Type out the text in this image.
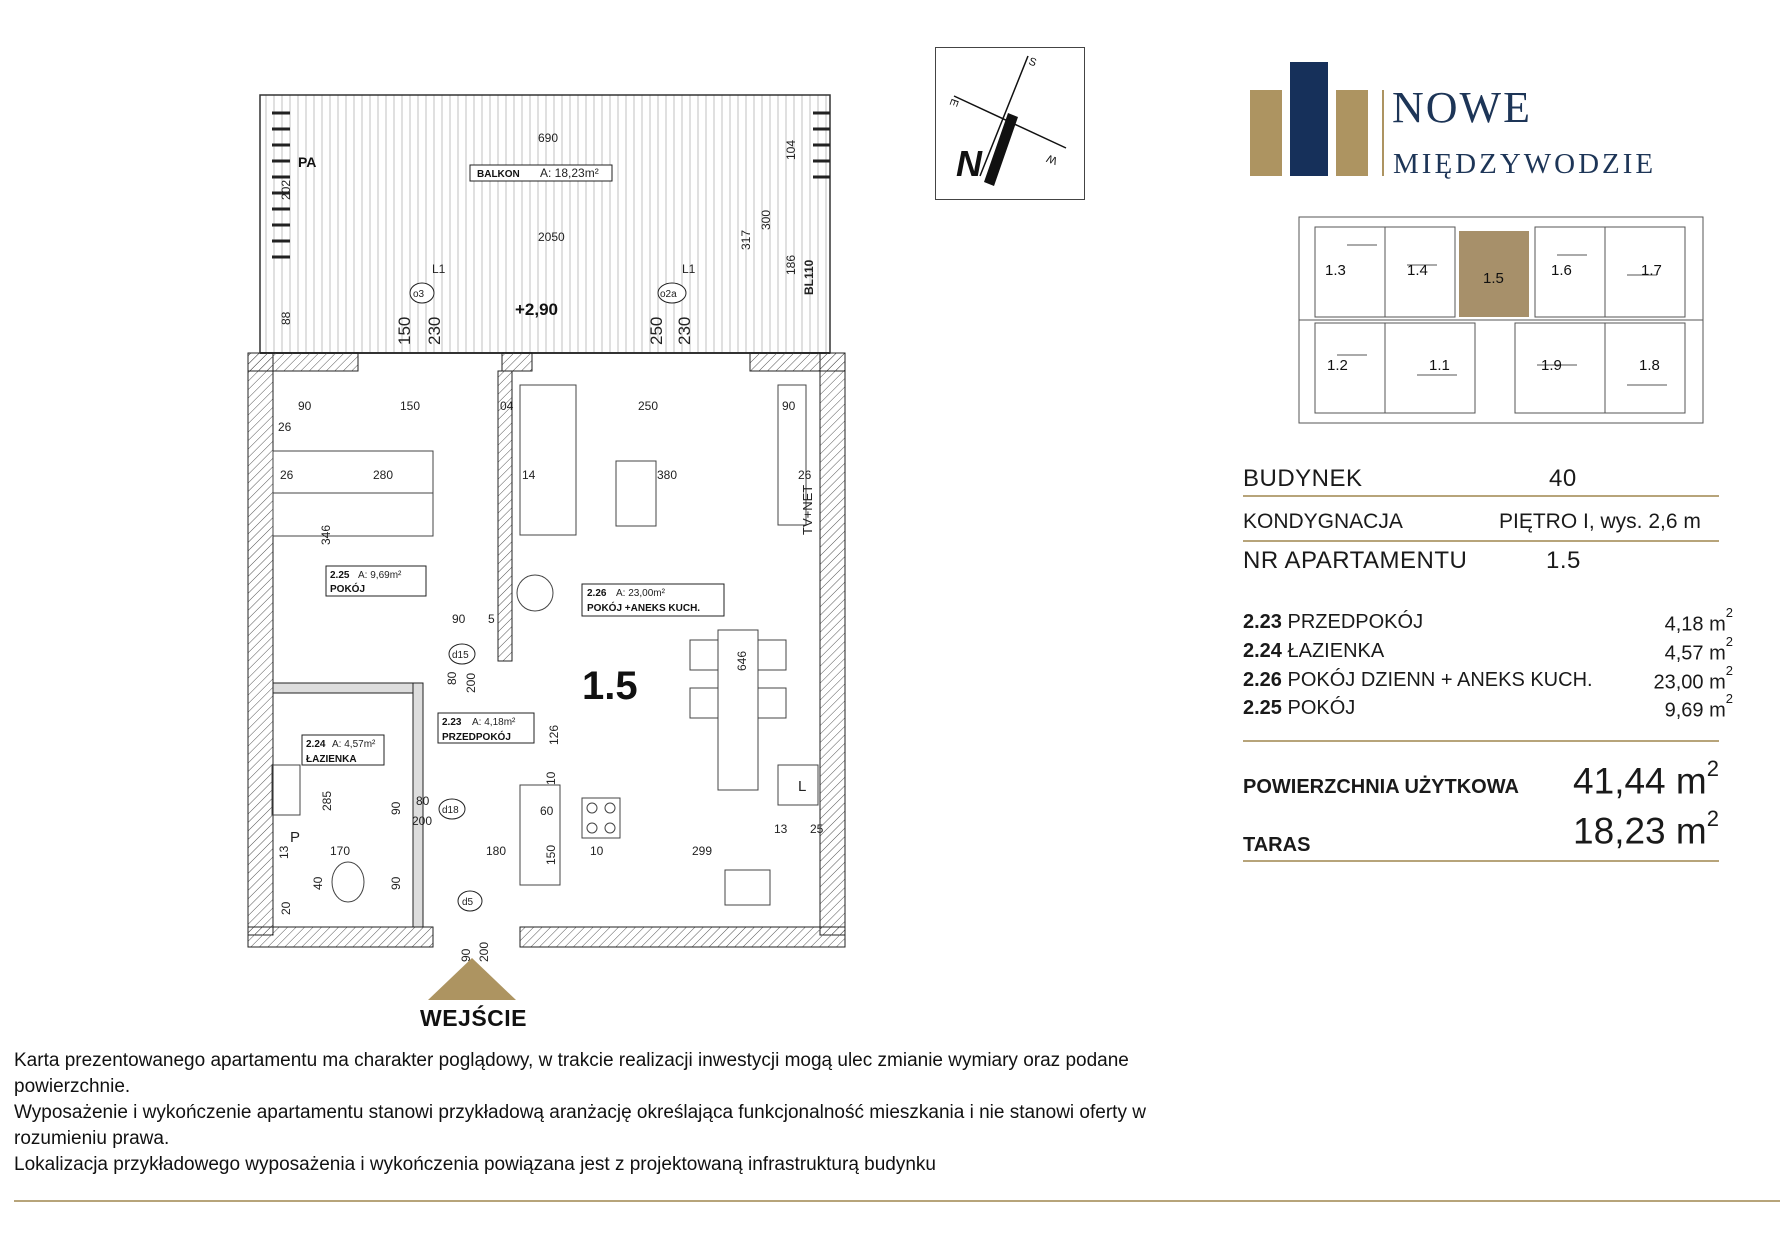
BALKON A: 18,23m²
PA
+2,90
690
2050
202
88	150 230	250 230
317
300
104
186 BL110
90	150	04	250	90
26
26	280
346
14	380	26
TV+NET
90 5
80 200
646
126
10
60
150	10	299
13 25
285
13	170	180
80
200
90
40
20
90
90 200
o3	o2a
L1	L1
d15
d18
d5
P
L
2.25 A: 9,69m²
POKÓJ	2.26 A: 23,00m²
POKÓJ +ANEKS KUCH.
2.23 A: 4,18m²
PRZEDPOKÓJ
2.24 A: 4,57m²
ŁAZIENKA
1.5
WEJŚCIE
N
S
E
W
NOWE
MIĘDZYWODZIE
1.3	1.4	1.5	1.6	1.7
1.2	1.1	1.9	1.8
BUDYNEK	40
KONDYGNACJA	PIĘTRO I, wys. 2,6 m
NR APARTAMENTU	1.5
2.23 PRZEDPOKÓJ	4,18 $m^2$
2.24 ŁAZIENKA	4,57 $m^2$
2.26 POKÓJ DZIENN + ANEKS KUCH.	23,00 $m^2$
2.25 POKÓJ	9,69 $m^2$
POWIERZCHNIA UŻYTKOWA 41,44 $m^2$
TARAS	18,23 $m^2$

Karta prezentowanego apartamentu ma charakter poglądowy, w trakcie realizacji inwestycji mogą ulec zmianie wymiary oraz podane powierzchnie.

Wyposażenie i wykończenie apartamentu stanowi przykładową aranżację określająca funkcjonalność mieszkania i nie stanowi oferty w rozumieniu prawa.

Lokalizacja przykładowego wyposażenia i wykończenia powiązana jest z projektowaną infrastrukturą budynku
